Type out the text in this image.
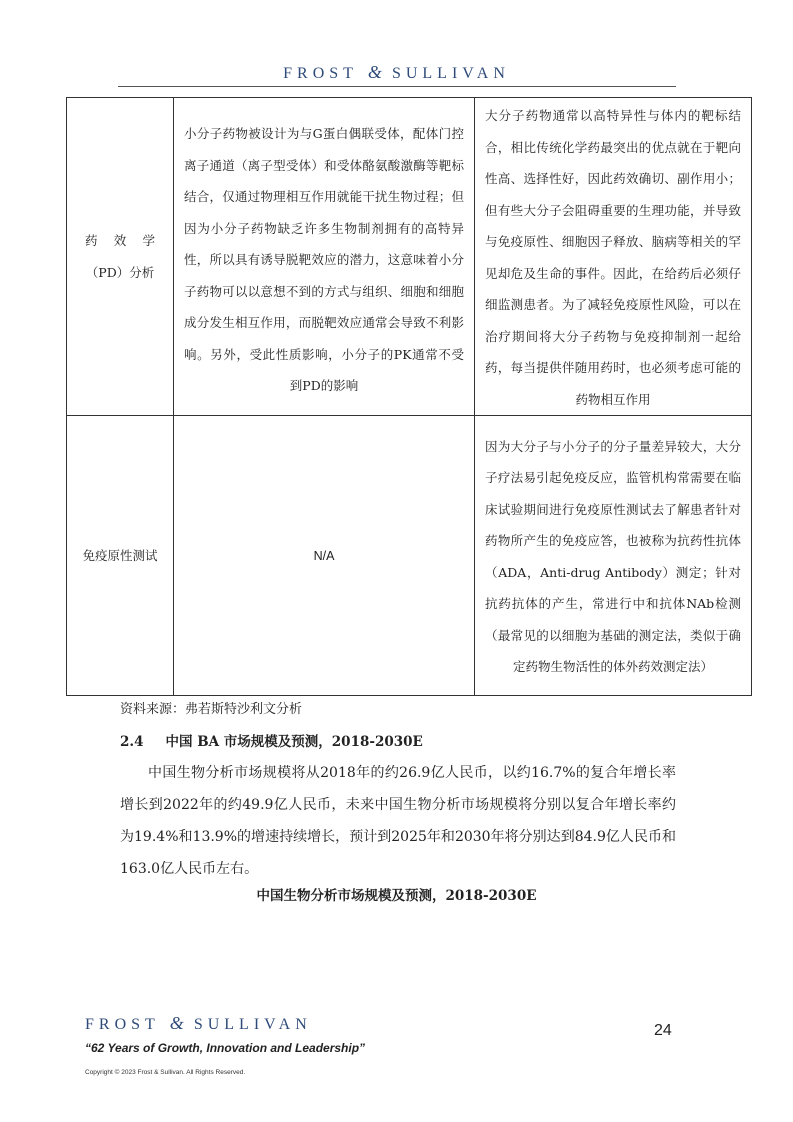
FROST & SULLIVAN
药效学（PD）分析	小分子药物被设计为与G蛋白偶联受体，配体门控离子通道（离子型受体）和受体酪氨酸激酶等靶标结合，仅通过物理相互作用就能干扰生物过程；但因为小分子药物缺乏许多生物制剂拥有的高特异性，所以具有诱导脱靶效应的潜力，这意味着小分子药物可以以意想不到的方式与组织、细胞和细胞成分发生相互作用，而脱靶效应通常会导致不利影响。另外，受此性质影响，小分子的PK通常不受到PD的影响	大分子药物通常以高特异性与体内的靶标结合，相比传统化学药最突出的优点就在于靶向性高、选择性好，因此药效确切、副作用小；但有些大分子会阻碍重要的生理功能，并导致与免疫原性、细胞因子释放、脑病等相关的罕见却危及生命的事件。因此，在给药后必须仔细监测患者。为了减轻免疫原性风险，可以在治疗期间将大分子药物与免疫抑制剂一起给药，每当提供伴随用药时，也必须考虑可能的药物相互作用

免疫原性测试	N/A	因为大分子与小分子的分子量差异较大，大分子疗法易引起免疫反应，监管机构常需要在临床试验期间进行免疫原性测试去了解患者针对药物所产生的免疫应答，也被称为抗药性抗体（ADA，Anti-drug Antibody）测定；针对抗药抗体的产生，常进行中和抗体NAb检测（最常见的以细胞为基础的测定法，类似于确定药物生物活性的体外药效测定法）
资料来源：弗若斯特沙利文分析
2.4 中国 BA 市场规模及预测，2018-2030E
中国生物分析市场规模将从2018年的约26.9亿人民币，以约16.7%的复合年增长率增长到2022年的约49.9亿人民币，未来中国生物分析市场规模将分别以复合年增长率约为19.4%和13.9%的增速持续增长，预计到2025年和2030年将分别达到84.9亿人民币和163.0亿人民币左右。
中国生物分析市场规模及预测，2018-2030E
FROST & SULLIVAN	24
“62 Years of Growth, Innovation and Leadership”
Copyright © 2023 Frost & Sullivan. All Rights Reserved.
